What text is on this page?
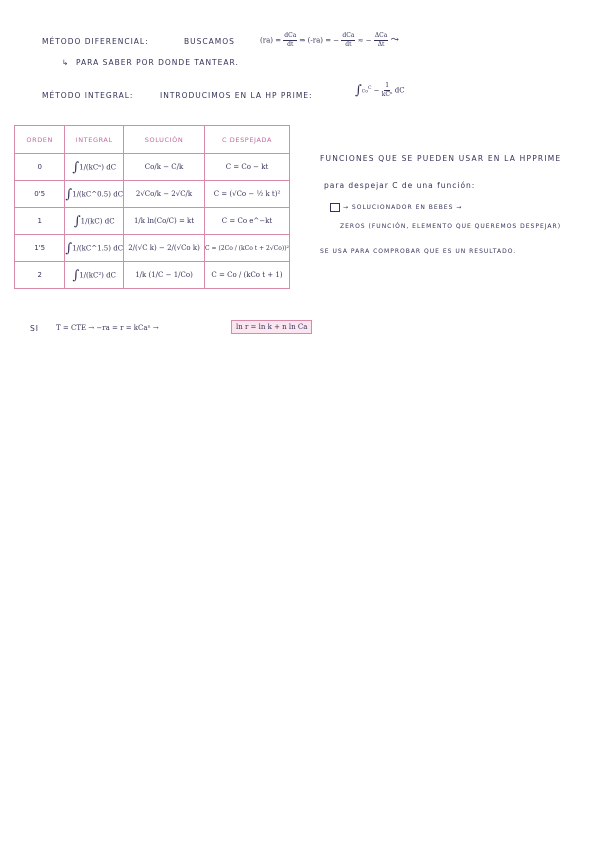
MÉTODO DIFERENCIAL:	BUSCAMOS	$(ra) = \frac{\text{dCa}}{dt}$ ⇒ (-ra) = − $\frac{\text{dCa}}{dt}$ ≈ − $\frac{\text{ΔCa}}{\Delta t}$ ⤳
↳ PARA SABER POR DONDE TANTEAR.
MÉTODO INTEGRAL:	INTRODUCIMOS EN LA HP PRIME:	$\int Co^C - \frac{1}{\text{kCⁿ}}$ dC
ORDEN	INTEGRAL	SOLUCIÓN	C DESPEJADA
0	∫1/(kCⁿ) dC	Co/k − C/k	C = Co − kt
0'5	∫1/(kC^0.5) dC	2√Co/k − 2√C/k	C = (√Co − ½ k t)²
1	∫1/(kC) dC	1/k ln(Co/C) = kt	C = Co e^−kt
1'5	∫1/(kC^1.5) dC	2/(√C k) − 2/(√Co k)	C = (2Co / (kCo t + 2√Co))²
2	∫1/(kC²) dC	1/k (1/C − 1/Co)	C = Co / (kCo t + 1)
FUNCIONES QUE SE PUEDEN USAR EN LA HPPRIME
para despejar C de una función:
→ SOLUCIONADOR EN BEBES →
ZEROS (FUNCIÓN, ELEMENTO QUE QUEREMOS DESPEJAR)
SE USA PARA COMPROBAR QUE ES UN RESULTADO.
SI T = CTE → −ra = r = kCaⁿ →	ln r = ln k + n ln Ca
